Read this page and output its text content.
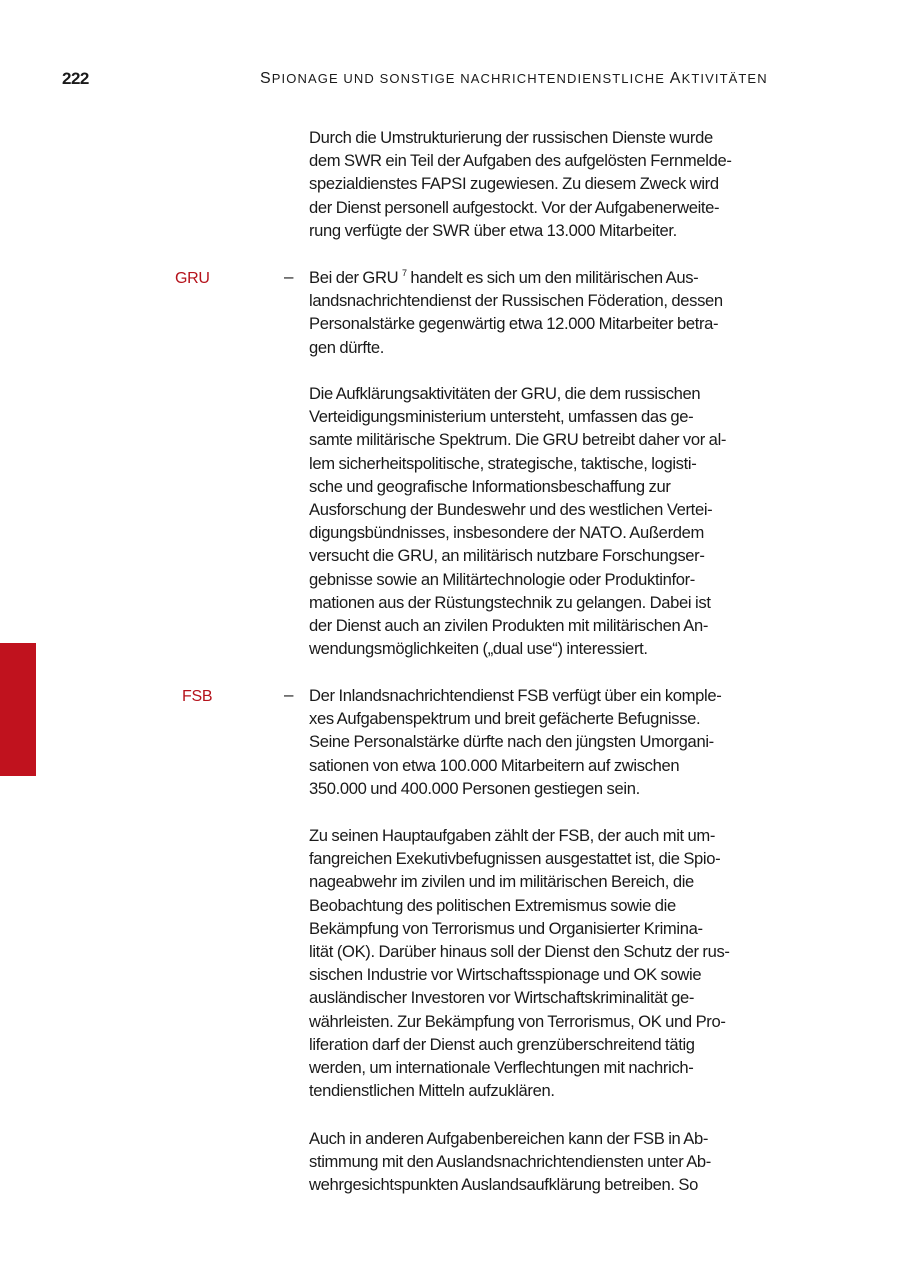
222	SPIONAGE UND SONSTIGE NACHRICHTENDIENSTLICHE AKTIVITÄTEN

Durch die Umstrukturierung der russischen Dienste wurde
dem SWR ein Teil der Aufgaben des aufgelösten Fernmelde-
spezialdienstes FAPSI zugewiesen. Zu diesem Zweck wird
der Dienst personell aufgestockt. Vor der Aufgabenerweite-
rung verfügte der SWR über etwa 13.000 Mitarbeiter.

GRU	– Bei der GRU $^7$ handelt es sich um den militärischen Aus-
landsnachrichtendienst der Russischen Föderation, dessen
Personalstärke gegenwärtig etwa 12.000 Mitarbeiter betra-
gen dürfte.

Die Aufklärungsaktivitäten der GRU, die dem russischen
Verteidigungsministerium untersteht, umfassen das ge-
samte militärische Spektrum. Die GRU betreibt daher vor al-
lem sicherheitspolitische, strategische, taktische, logisti-
sche und geografische Informationsbeschaffung zur
Ausforschung der Bundeswehr und des westlichen Vertei-
digungsbündnisses, insbesondere der NATO. Außerdem
versucht die GRU, an militärisch nutzbare Forschungser-
gebnisse sowie an Militärtechnologie oder Produktinfor-
mationen aus der Rüstungstechnik zu gelangen. Dabei ist
der Dienst auch an zivilen Produkten mit militärischen An-
wendungsmöglichkeiten („dual use“) interessiert.

FSB	– Der Inlandsnachrichtendienst FSB verfügt über ein komple-
xes Aufgabenspektrum und breit gefächerte Befugnisse.
Seine Personalstärke dürfte nach den jüngsten Umorgani-
sationen von etwa 100.000 Mitarbeitern auf zwischen
350.000 und 400.000 Personen gestiegen sein.

Zu seinen Hauptaufgaben zählt der FSB, der auch mit um-
fangreichen Exekutivbefugnissen ausgestattet ist, die Spio-
nageabwehr im zivilen und im militärischen Bereich, die
Beobachtung des politischen Extremismus sowie die
Bekämpfung von Terrorismus und Organisierter Krimina-
lität (OK). Darüber hinaus soll der Dienst den Schutz der rus-
sischen Industrie vor Wirtschaftsspionage und OK sowie
ausländischer Investoren vor Wirtschaftskriminalität ge-
währleisten. Zur Bekämpfung von Terrorismus, OK und Pro-
liferation darf der Dienst auch grenzüberschreitend tätig
werden, um internationale Verflechtungen mit nachrich-
tendienstlichen Mitteln aufzuklären.

Auch in anderen Aufgabenbereichen kann der FSB in Ab-
stimmung mit den Auslandsnachrichtendiensten unter Ab-
wehrgesichtspunkten Auslandsaufklärung betreiben. So
